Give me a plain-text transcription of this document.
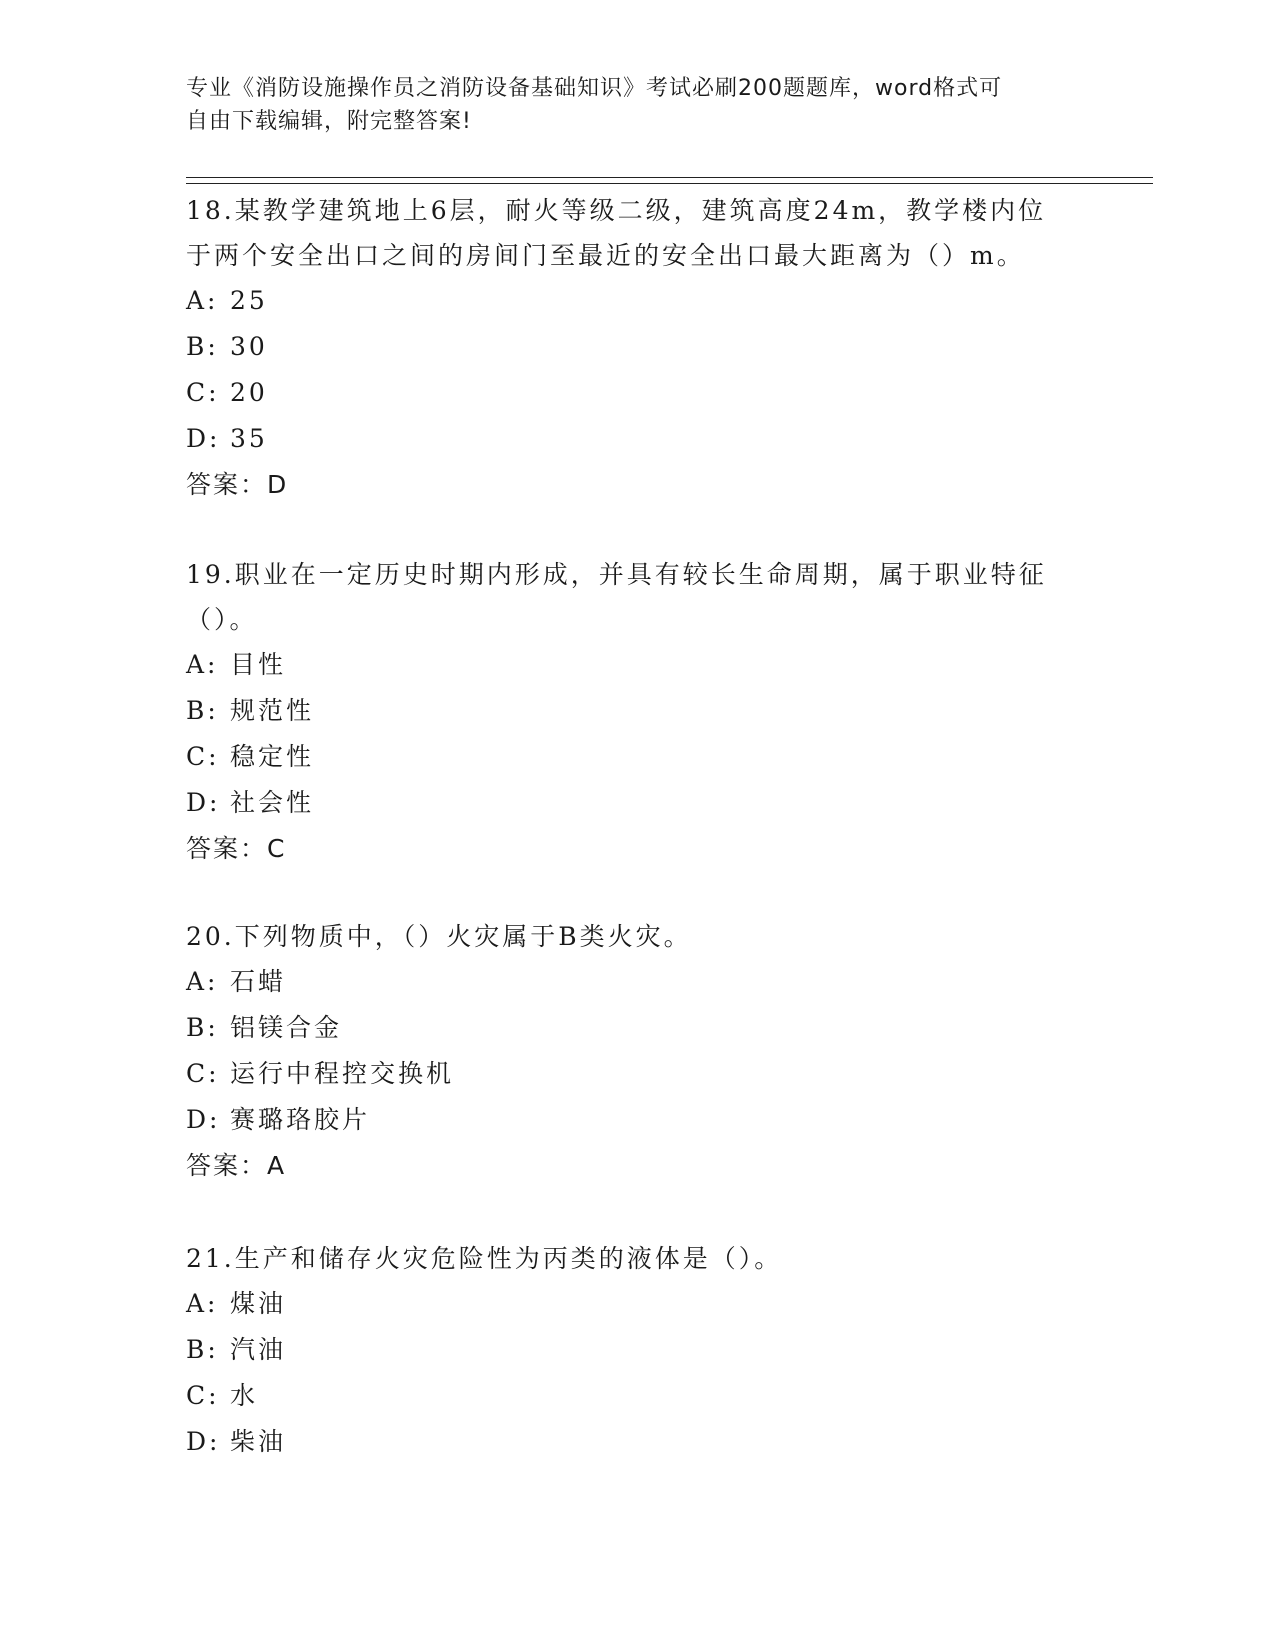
专业《消防设施操作员之消防设备基础知识》考试必刷200题题库，word格式可
自由下载编辑，附完整答案!

18.某教学建筑地上6层，耐火等级二级，建筑高度24m，教学楼内位
于两个安全出口之间的房间门至最近的安全出口最大距离为（）m。

A: 25
B: 30
C: 20
D: 35
答案：D

19.职业在一定历史时期内形成，并具有较长生命周期，属于职业特征
（）。

A: 目性
B: 规范性
C: 稳定性
D: 社会性
答案：C

20.下列物质中，（）火灾属于B类火灾。

A: 石蜡
B: 铝镁合金
C: 运行中程控交换机
D: 赛璐珞胶片
答案：A

21.生产和储存火灾危险性为丙类的液体是（）。

A: 煤油
B: 汽油
C: 水
D: 柴油
